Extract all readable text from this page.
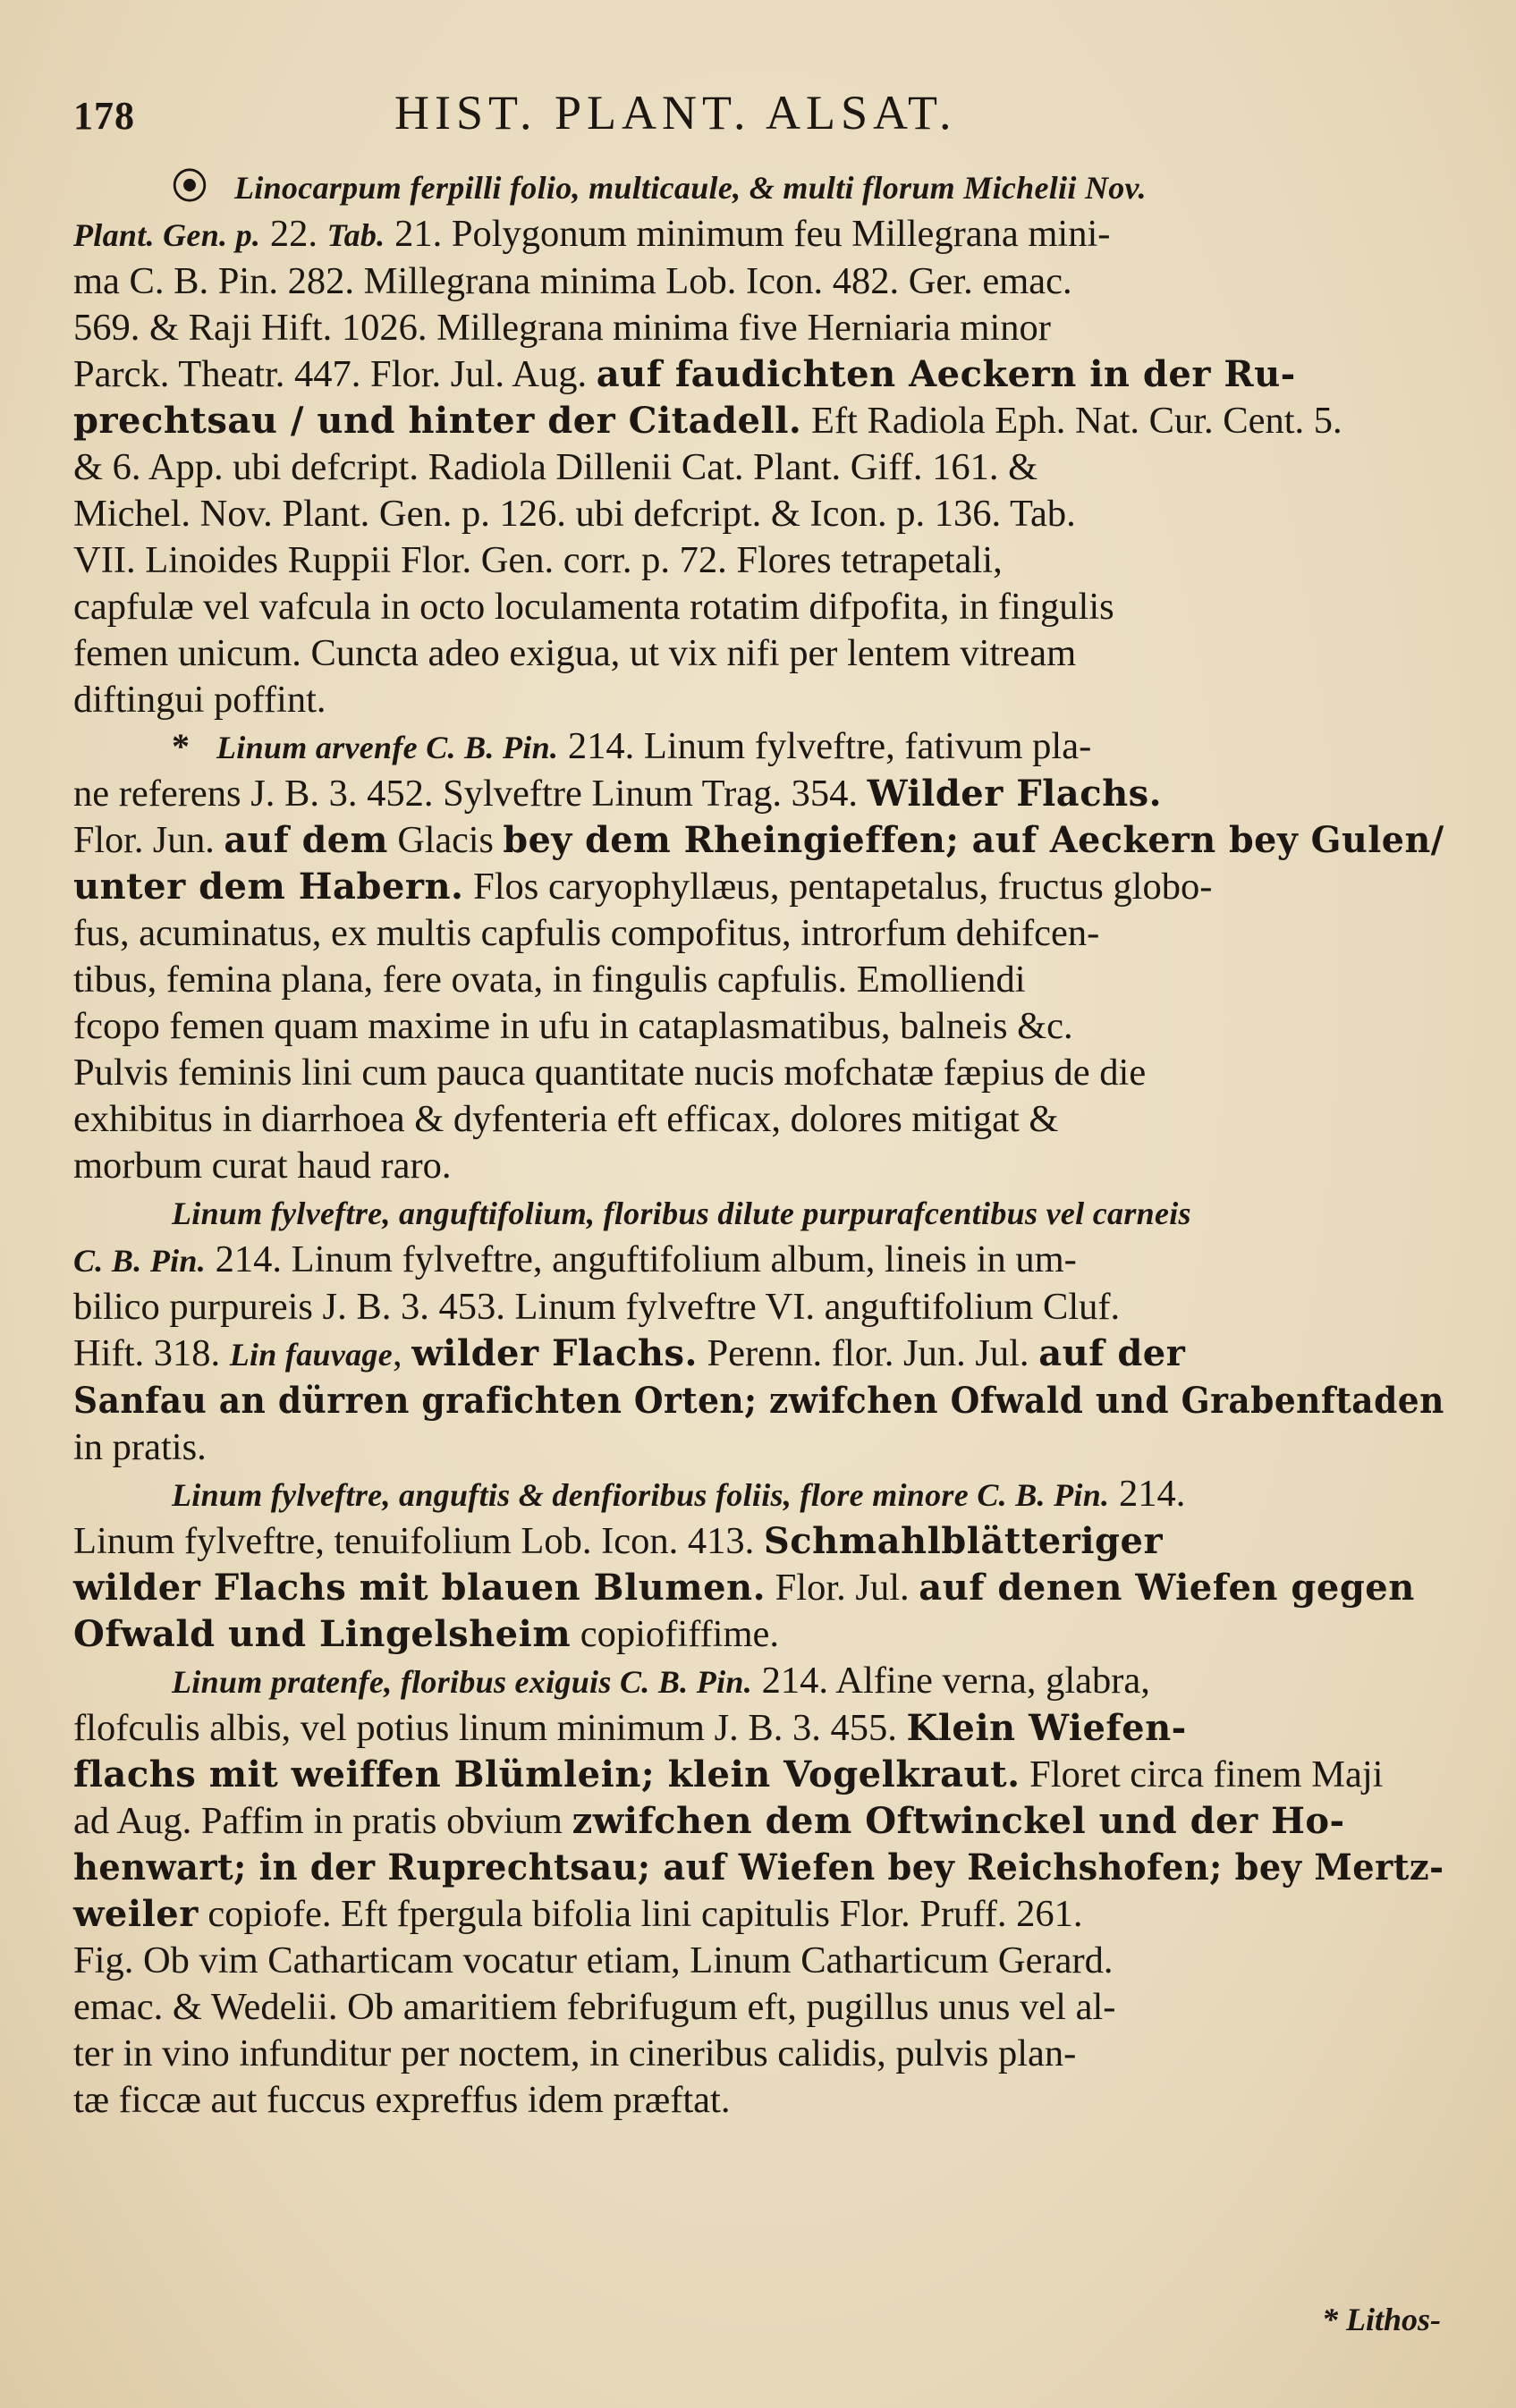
178	HIST. PLANT. ALSAT.
⦿ Linocarpum ferpilli folio, multicaule, & multi florum Michelii Nov.
Plant. Gen. p. 22. Tab. 21. Polygonum minimum feu Millegrana mini-
ma C. B. Pin. 282. Millegrana minima Lob. Icon. 482. Ger. emac.
569. & Raji Hift. 1026. Millegrana minima five Herniaria minor
Parck. Theatr. 447. Flor. Jul. Aug. auf faudichten Aeckern in der Ru-
prechtsau / und hinter der Citadell. Eft Radiola Eph. Nat. Cur. Cent. 5.
& 6. App. ubi defcript. Radiola Dillenii Cat. Plant. Giff. 161. &
Michel. Nov. Plant. Gen. p. 126. ubi defcript. & Icon. p. 136. Tab.
VII. Linoides Ruppii Flor. Gen. corr. p. 72. Flores tetrapetali,
capfulæ vel vafcula in octo loculamenta rotatim difpofita, in fingulis
femen unicum. Cuncta adeo exigua, ut vix nifi per lentem vitream
diftingui poffint.
* Linum arvenfe C. B. Pin. 214. Linum fylveftre, fativum pla-
ne referens J. B. 3. 452. Sylveftre Linum Trag. 354. Wilder Flachs.
Flor. Jun. auf dem Glacis bey dem Rheingieffen; auf Aeckern bey Gulen/
unter dem Habern. Flos caryophyllæus, pentapetalus, fructus globo-
fus, acuminatus, ex multis capfulis compofitus, introrfum dehifcen-
tibus, femina plana, fere ovata, in fingulis capfulis. Emolliendi
fcopo femen quam maxime in ufu in cataplasmatibus, balneis &c.
Pulvis feminis lini cum pauca quantitate nucis mofchatæ fæpius de die
exhibitus in diarrhoea & dyfenteria eft efficax, dolores mitigat &
morbum curat haud raro.
Linum fylveftre, anguftifolium, floribus dilute purpurafcentibus vel carneis
C. B. Pin. 214. Linum fylveftre, anguftifolium album, lineis in um-
bilico purpureis J. B. 3. 453. Linum fylveftre VI. anguftifolium Cluf.
Hift. 318. Lin fauvage, wilder Flachs. Perenn. flor. Jun. Jul. auf der
Sanfau an dürren grafichten Orten; zwifchen Ofwald und Grabenftaden
in pratis.
Linum fylveftre, anguftis & denfioribus foliis, flore minore C. B. Pin. 214.
Linum fylveftre, tenuifolium Lob. Icon. 413. Schmahlblätteriger
wilder Flachs mit blauen Blumen. Flor. Jul. auf denen Wiefen gegen
Ofwald und Lingelsheim copiofiffime.
Linum pratenfe, floribus exiguis C. B. Pin. 214. Alfine verna, glabra,
flofculis albis, vel potius linum minimum J. B. 3. 455. Klein Wiefen-
flachs mit weiffen Blümlein; klein Vogelkraut. Floret circa finem Maji
ad Aug. Paffim in pratis obvium zwifchen dem Oftwinckel und der Ho-
henwart; in der Ruprechtsau; auf Wiefen bey Reichshofen; bey Mertz-
weiler copiofe. Eft fpergula bifolia lini capitulis Flor. Pruff. 261.
Fig. Ob vim Catharticam vocatur etiam, Linum Catharticum Gerard.
emac. & Wedelii. Ob amaritiem febrifugum eft, pugillus unus vel al-
ter in vino infunditur per noctem, in cineribus calidis, pulvis plan-
tæ ficcæ aut fuccus expreffus idem præftat.
* Lithos-
